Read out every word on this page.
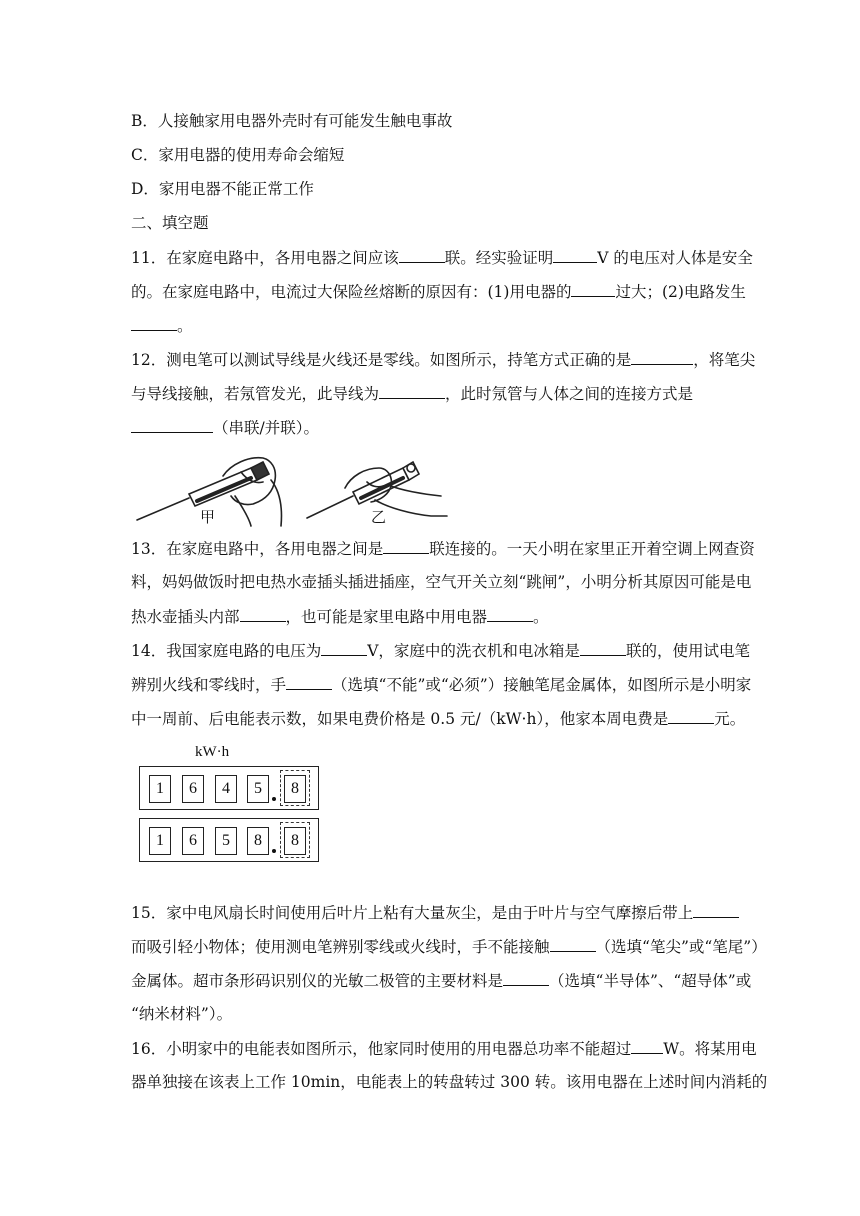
B．人接触家用电器外壳时有可能发生触电事故
C．家用电器的使用寿命会缩短
D．家用电器不能正常工作
二、填空题
11．在家庭电路中，各用电器之间应该	联。经实验证明	V 的电压对人体是安全
的。在家庭电路中，电流过大保险丝熔断的原因有：(1)用电器的	过大；(2)电路发生
。
12．测电笔可以测试导线是火线还是零线。如图所示，持笔方式正确的是	，将笔尖
与导线接触，若氖管发光，此导线为	，此时氖管与人体之间的连接方式是
（串联/并联）。
甲	乙
13．在家庭电路中，各用电器之间是	联连接的。一天小明在家里正开着空调上网查资
料，妈妈做饭时把电热水壶插头插进插座，空气开关立刻“跳闸”，小明分析其原因可能是电
热水壶插头内部	，也可能是家里电路中用电器	。
14．我国家庭电路的电压为	V，家庭中的洗衣机和电冰箱是	联的，使用试电笔
辨别火线和零线时，手	（选填“不能”或“必须”）接触笔尾金属体，如图所示是小明家
中一周前、后电能表示数，如果电费价格是 0.5 元/（kW·h），他家本周电费是	元。
kW·h
1	6	4	5	8
1	6	5	8	8
15．家中电风扇长时间使用后叶片上粘有大量灰尘，是由于叶片与空气摩擦后带上
而吸引轻小物体；使用测电笔辨别零线或火线时，手不能接触	（选填“笔尖”或“笔尾”）
金属体。超市条形码识别仪的光敏二极管的主要材料是	（选填“半导体”、“超导体”或
“纳米材料”）。
16．小明家中的电能表如图所示，他家同时使用的用电器总功率不能超过 W。将某用电
器单独接在该表上工作 10min，电能表上的转盘转过 300 转。该用电器在上述时间内消耗的
